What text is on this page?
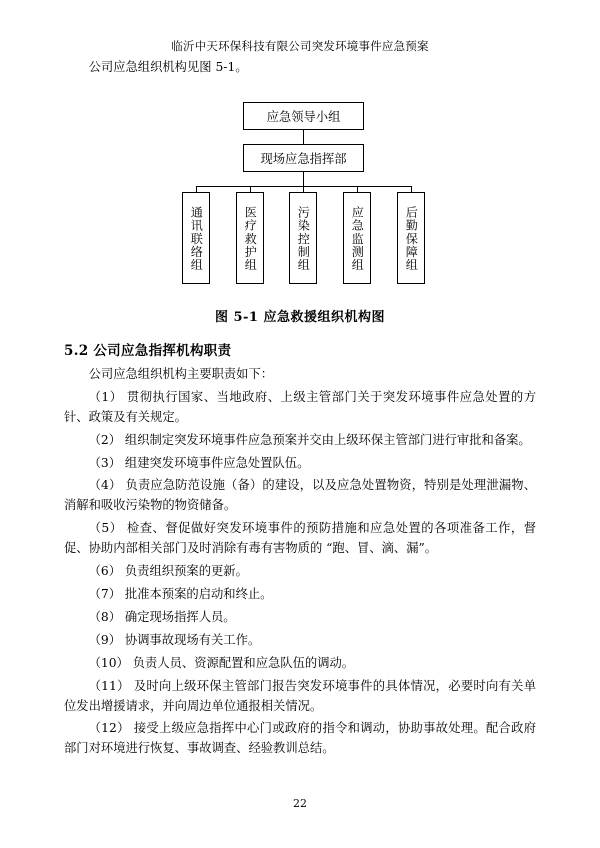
临沂中天环保科技有限公司突发环境事件应急预案

公司应急组织机构见图 5-1。

应急领导小组
现场应急指挥部
通讯联络组	医疗救护组	污染控制组	应急监测组	后勤保障组
图 5-1 应急救援组织机构图
5.2 公司应急指挥机构职责

公司应急组织机构主要职责如下：

（1） 贯彻执行国家、当地政府、上级主管部门关于突发环境事件应急处置的方针、政策及有关规定。

（2） 组织制定突发环境事件应急预案并交由上级环保主管部门进行审批和备案。

（3） 组建突发环境事件应急处置队伍。

（4） 负责应急防范设施（备）的建设，以及应急处置物资，特别是处理泄漏物、消解和吸收污染物的物资储备。

（5） 检查、督促做好突发环境事件的预防措施和应急处置的各项准备工作，督促、协助内部相关部门及时消除有毒有害物质的 “跑、冒、滴、漏”。

（6） 负责组织预案的更新。

（7） 批准本预案的启动和终止。

（8） 确定现场指挥人员。

（9） 协调事故现场有关工作。

（10） 负责人员、资源配置和应急队伍的调动。

（11） 及时向上级环保主管部门报告突发环境事件的具体情况，必要时向有关单位发出增援请求，并向周边单位通报相关情况。

（12） 接受上级应急指挥中心门或政府的指令和调动，协助事故处理。配合政府部门对环境进行恢复、事故调查、经验教训总结。

22
